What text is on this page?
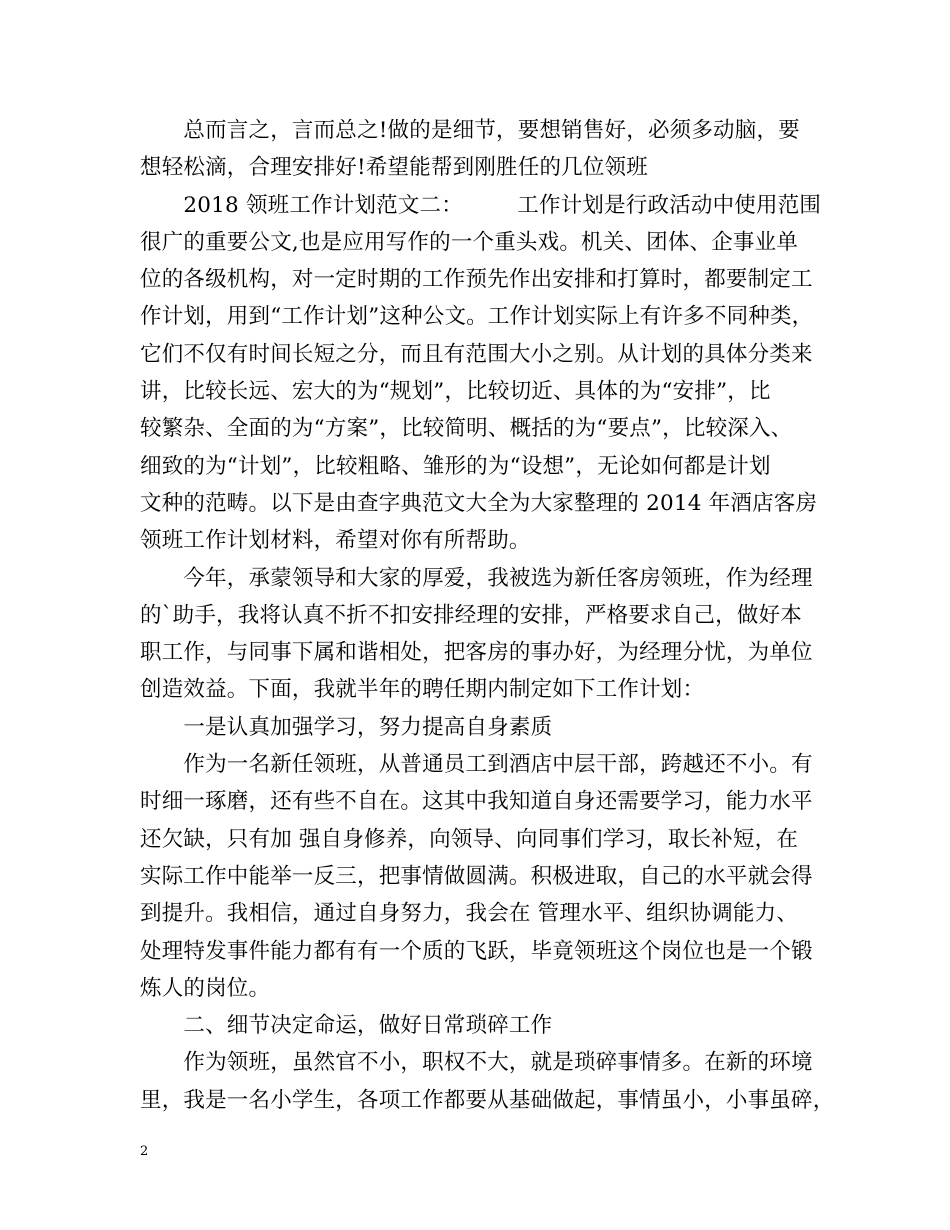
　　总而言之，言而总之!做的是细节，要想销售好，必须多动脑，要
想轻松滴，合理安排好!希望能帮到刚胜任的几位领班
　　2018 领班工作计划范文二：　　　工作计划是行政活动中使用范围
很广的重要公文,也是应用写作的一个重头戏。机关、团体、企事业单
位的各级机构，对一定时期的工作预先作出安排和打算时，都要制定工
作计划，用到“工作计划”这种公文。工作计划实际上有许多不同种类，
它们不仅有时间长短之分，而且有范围大小之别。从计划的具体分类来
讲，比较长远、宏大的为“规划”，比较切近、具体的为“安排”，比
较繁杂、全面的为“方案”，比较简明、概括的为“要点”，比较深入、
细致的为“计划”，比较粗略、雏形的为“设想”，无论如何都是计划
文种的范畴。以下是由查字典范文大全为大家整理的 2014 年酒店客房
领班工作计划材料，希望对你有所帮助。
　　今年，承蒙领导和大家的厚爱，我被选为新任客房领班，作为经理
的`助手，我将认真不折不扣安排经理的安排，严格要求自己，做好本
职工作，与同事下属和谐相处，把客房的事办好，为经理分忧，为单位
创造效益。下面，我就半年的聘任期内制定如下工作计划：
　　一是认真加强学习，努力提高自身素质
　　作为一名新任领班，从普通员工到酒店中层干部，跨越还不小。有
时细一琢磨，还有些不自在。这其中我知道自身还需要学习，能力水平
还欠缺，只有加 强自身修养，向领导、向同事们学习，取长补短，在
实际工作中能举一反三，把事情做圆满。积极进取，自己的水平就会得
到提升。我相信，通过自身努力，我会在 管理水平、组织协调能力、
处理特发事件能力都有有一个质的飞跃，毕竟领班这个岗位也是一个锻
炼人的岗位。
　　二、细节决定命运，做好日常琐碎工作
　　作为领班，虽然官不小，职权不大，就是琐碎事情多。在新的环境
里，我是一名小学生，各项工作都要从基础做起，事情虽小，小事虽碎，
2
